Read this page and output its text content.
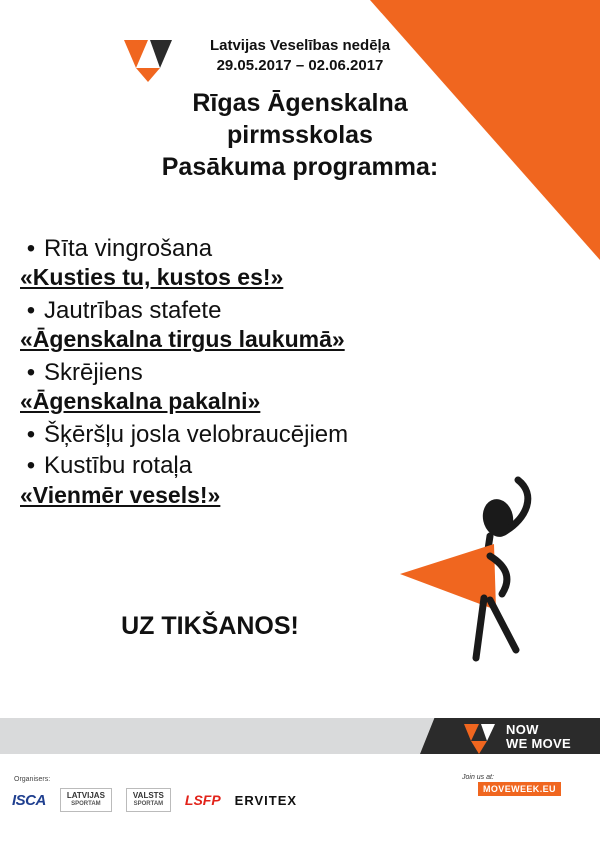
Latvijas Veselības nedēļa
29.05.2017 – 02.06.2017
Rīgas Āgenskalna
pirmsskolas
Pasākuma programma:
• Rīta vingrošana
«Kusties tu, kustos es!»
• Jautrības stafete
«Āgenskalna tirgus laukumā»
• Skrējiens
«Āgenskalna pakalni»
• Šķēršļu josla velobraucējiem
• Kustību rotaļa
«Vienmēr vesels!»
UZ TIKŠANOS!
NOW
WE MOVE
Join us at:
MOVEWEEK.EU
Organisers:
ISCA	LATVIJAS
SPORTAM
VALSTS
SPORTAM LSFP ERVITEX
